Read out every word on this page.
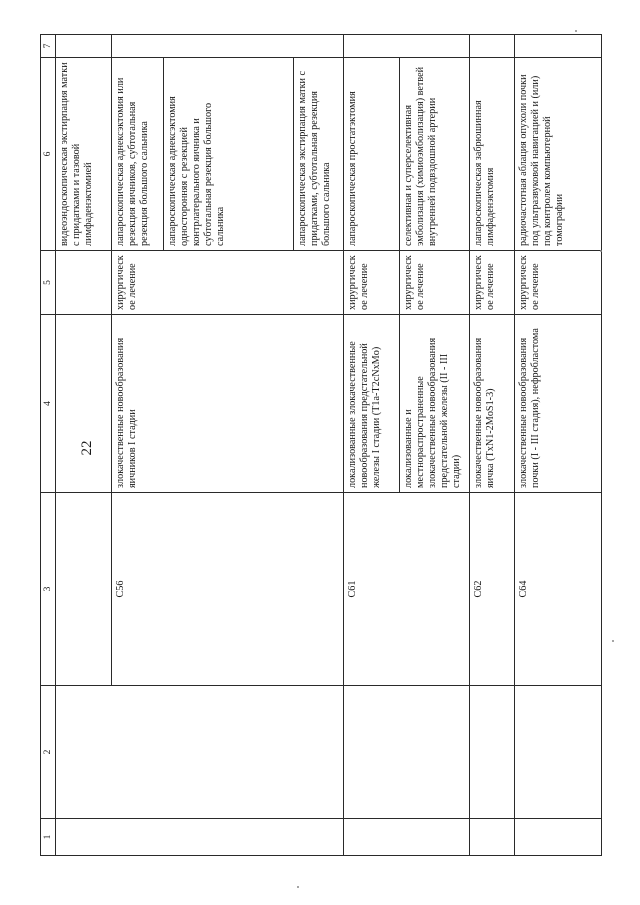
22
1	2	3	4	5	6	7
					видеоэндоскопическая экстирпация матки с придатками и тазовой лимфаденэктомией	
		C56	злокачественные новообразования яичников I стадии	хирургическое лечение	лапароскопическая аднексэктомия или резекция яичников, субтотальная резекция большого сальника	
					лапароскопическая аднексэктомия односторонняя с резекцией контрлатерального яичника и субтотальная резекция большого сальника	
					лапароскопическая экстирпация матки с придатками, субтотальная резекция большого сальника	
		C61	локализованные злокачественные новообразования предстательной железы I стадии (T1a-T2cNxMo)	хирургическое лечение	лапароскопическая простатэктомия	
			локализованные и местнораспространенные злокачественные новообразования предстательной железы (II - III стадии)	хирургическое лечение	селективная и суперселективная эмболизация (химиоэмболизация) ветвей внутренней подвздошной артерии	
		C62	злокачественные новообразования яичка (TxN1-2MoS1-3)	хирургическое лечение	лапароскопическая забрюшинная лимфаденэктомия	
		C64	злокачественные новообразования почки (I - III стадия), нефробластома	хирургическое лечение	радиочастотная аблация опухоли почки под ультразвуковой навигацией и (или) под контролем компьютерной томографии	
